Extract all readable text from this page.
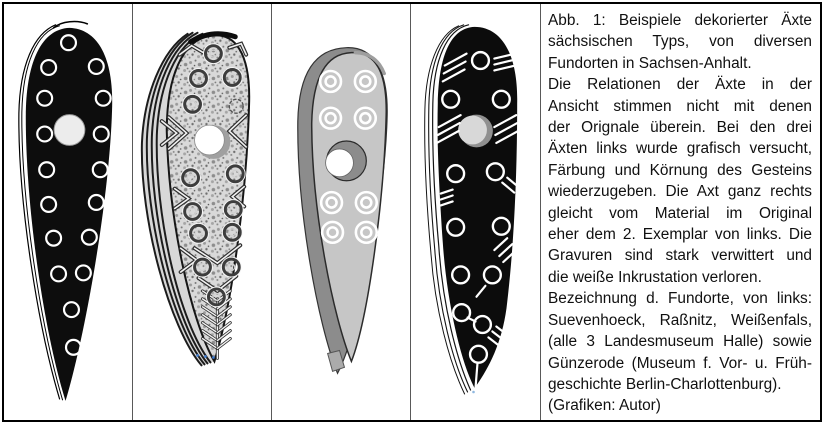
Abb. 1: Beispiele dekorierter Äxte
sächsischen Typs, von diversen
Fundorten in Sachsen-Anhalt.
Die Relationen der Äxte in der
Ansicht stimmen nicht mit denen
der Orignale überein. Bei den drei
Äxten links wurde grafisch versucht,
Färbung und Körnung des Gesteins
wiederzugeben. Die Axt ganz rechts
gleicht vom Material im Original
eher dem 2. Exemplar von links. Die
Gravuren sind stark verwittert und
die weiße Inkrustation verloren.
Bezeichnung d. Fundorte, von links:
Suevenhoeck, Raßnitz, Weißenfals,
(alle 3 Landesmuseum Halle) sowie
Günzerode (Museum f. Vor- u. Früh-
geschichte Berlin-Charlottenburg).
(Grafiken: Autor)
